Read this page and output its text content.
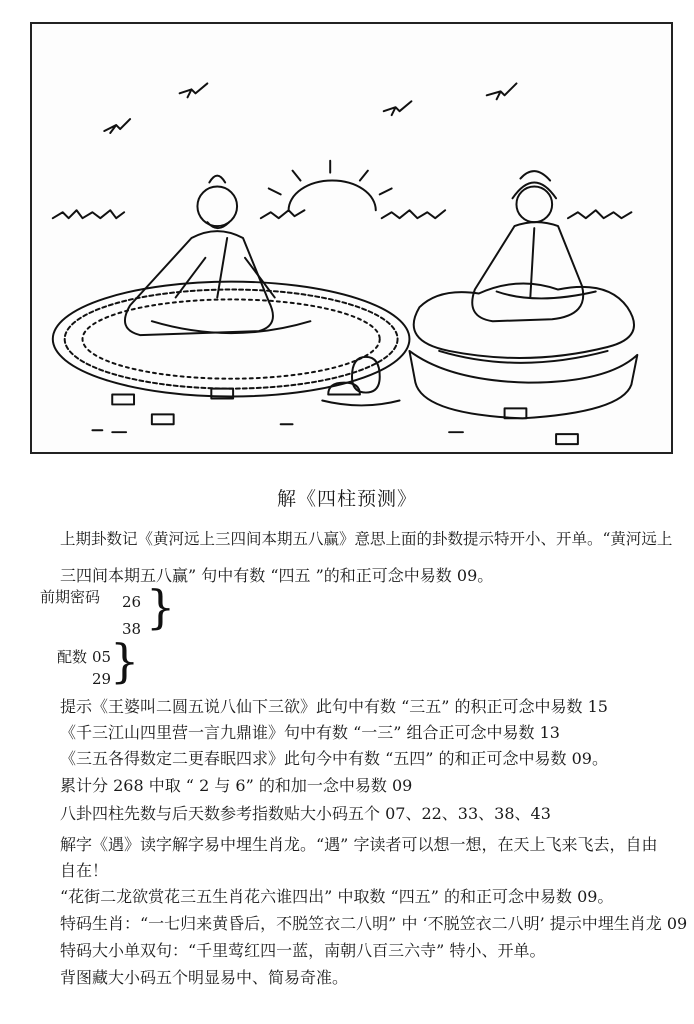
解《四柱预测》
上期卦数记《黄河远上三四间本期五八赢》意思上面的卦数提示特开小、开单。“黄河远上
三四间本期五八赢” 句中有数 “四五 ”的和正可念中易数 09。
前期密码 26
38 }
配数 05
29
}
提示《王婆叫二圆五说八仙下三欲》此句中有数 “三五” 的积正可念中易数 15
《千三江山四里营一言九鼎谁》句中有数 “一三” 组合正可念中易数 13
《三五各得数定二更春眠四求》此句今中有数 “五四” 的和正可念中易数 09。
累计分 268 中取 “ 2 与 6” 的和加一念中易数 09
八卦四柱先数与后天数参考指数贴大小码五个 07、22、33、38、43
解字《遇》读字解字易中埋生肖龙。“遇” 字读者可以想一想，在天上飞来飞去，自由
自在！
“花街二龙欲赏花三五生肖花六谁四出” 中取数 “四五” 的和正可念中易数 09。
特码生肖：“一七归来黄昏后，不脱笠衣二八明” 中 ‘不脱笠衣二八明’ 提示中埋生肖龙 09
特码大小单双句：“千里莺红四一蓝，南朝八百三六寺” 特小、开单。
背图藏大小码五个明显易中、简易奇准。
